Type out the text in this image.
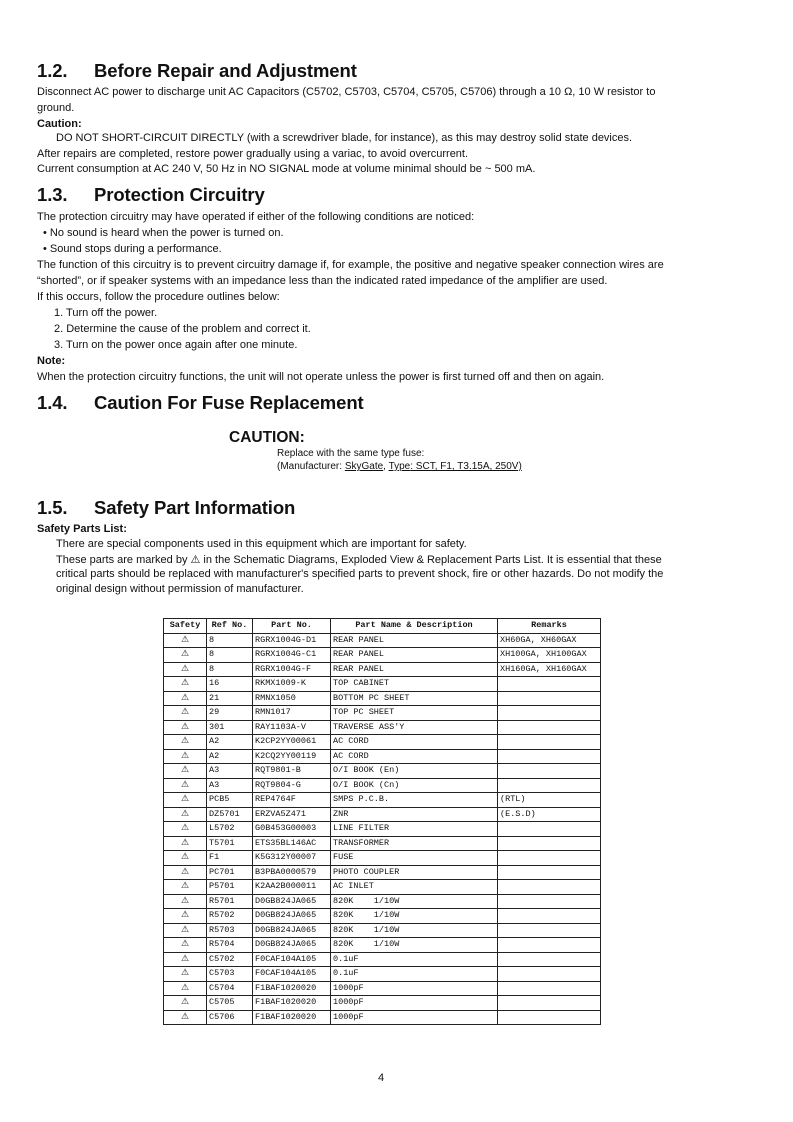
1.2. Before Repair and Adjustment

Disconnect AC power to discharge unit AC Capacitors (C5702, C5703, C5704, C5705, C5706) through a 10 Ω, 10 W resistor to

ground.

Caution:

DO NOT SHORT-CIRCUIT DIRECTLY (with a screwdriver blade, for instance), as this may destroy solid state devices.

After repairs are completed, restore power gradually using a variac, to avoid overcurrent.

Current consumption at AC 240 V, 50 Hz in NO SIGNAL mode at volume minimal should be ~ 500 mA.

1.3. Protection Circuitry

The protection circuitry may have operated if either of the following conditions are noticed:

• No sound is heard when the power is turned on.

• Sound stops during a performance.

The function of this circuitry is to prevent circuitry damage if, for example, the positive and negative speaker connection wires are

“shorted”, or if speaker systems with an impedance less than the indicated rated impedance of the amplifier are used.

If this occurs, follow the procedure outlines below:

1. Turn off the power.

2. Determine the cause of the problem and correct it.

3. Turn on the power once again after one minute.

Note:

When the protection circuitry functions, the unit will not operate unless the power is first turned off and then on again.

1.4. Caution For Fuse Replacement

CAUTION:

Replace with the same type fuse:

(Manufacturer: SkyGate, Type: SCT, F1, T3.15A, 250V)

1.5. Safety Part Information

Safety Parts List:

There are special components used in this equipment which are important for safety.

These parts are marked by ⚠ in the Schematic Diagrams, Exploded View & Replacement Parts List. It is essential that these

critical parts should be replaced with manufacturer's specified parts to prevent shock, fire or other hazards. Do not modify the

original design without permission of manufacturer.

Safety	Ref No.	Part No.	Part Name & Description	Remarks
⚠	8	RGRX1004G-D1	REAR PANEL	XH60GA, XH60GAX
⚠	8	RGRX1004G-C1	REAR PANEL	XH100GA, XH100GAX
⚠	8	RGRX1004G-F	REAR PANEL	XH160GA, XH160GAX
⚠	16	RKMX1009-K	TOP CABINET	
⚠	21	RMNX1050	BOTTOM PC SHEET	
⚠	29	RMN1017	TOP PC SHEET	
⚠	301	RAY1103A-V	TRAVERSE ASS'Y	
⚠	A2	K2CP2YY00061	AC CORD	
⚠	A2	K2CQ2YY00119	AC CORD	
⚠	A3	RQT9801-B	O/I BOOK (En)	
⚠	A3	RQT9804-G	O/I BOOK (Cn)	
⚠	PCB5	REP4764F	SMPS P.C.B.	(RTL)
⚠	DZ5701	ERZVA5Z471	ZNR	(E.S.D)
⚠	L5702	G0B453G00003	LINE FILTER	
⚠	T5701	ETS35BL146AC	TRANSFORMER	
⚠	F1	K5G312Y00007	FUSE	
⚠	PC701	B3PBA0000579	PHOTO COUPLER	
⚠	P5701	K2AA2B000011	AC INLET	
⚠	R5701	D0GB824JA065	820K    1/10W	
⚠	R5702	D0GB824JA065	820K    1/10W	
⚠	R5703	D0GB824JA065	820K    1/10W	
⚠	R5704	D0GB824JA065	820K    1/10W	
⚠	C5702	F0CAF104A105	0.1uF	
⚠	C5703	F0CAF104A105	0.1uF	
⚠	C5704	F1BAF1020020	1000pF	
⚠	C5705	F1BAF1020020	1000pF	
⚠	C5706	F1BAF1020020	1000pF	
4
